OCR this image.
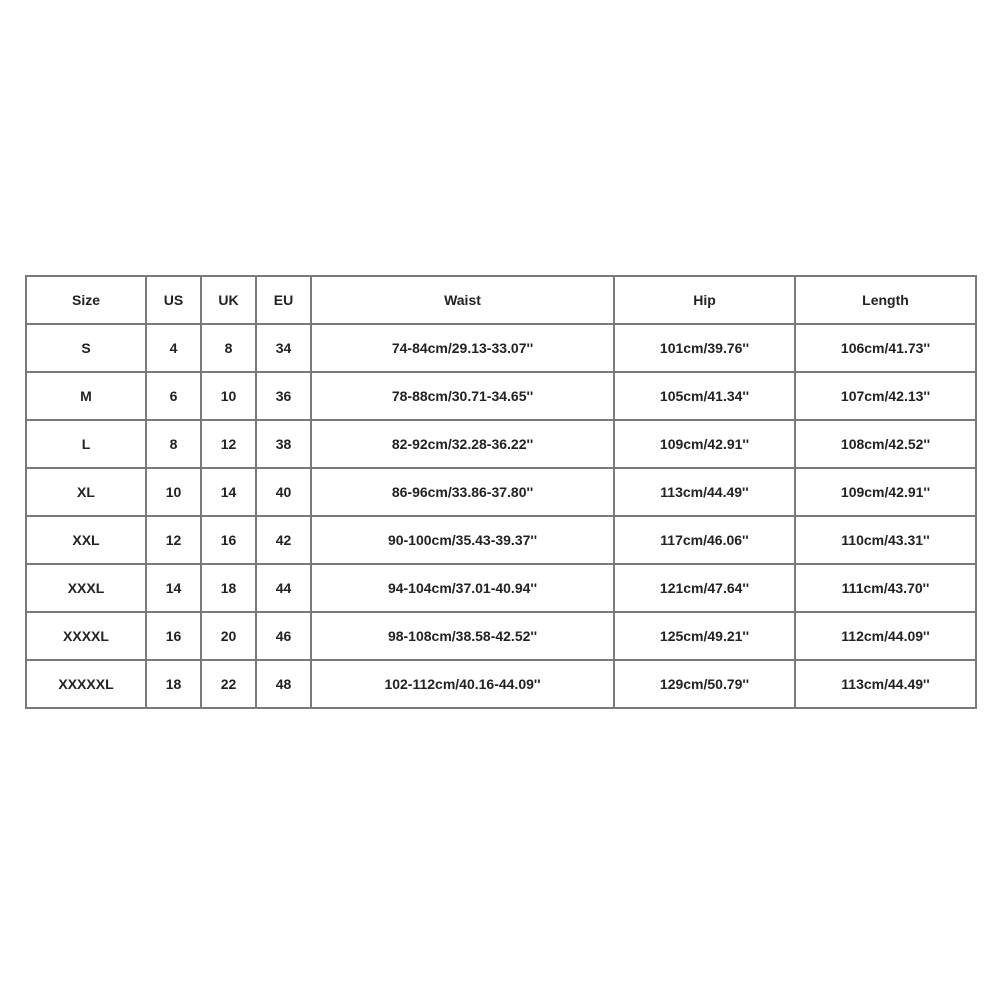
Size	US	UK	EU	Waist	Hip	Length
S	4	8	34	74-84cm/29.13-33.07''	101cm/39.76''	106cm/41.73''
M	6	10	36	78-88cm/30.71-34.65''	105cm/41.34''	107cm/42.13''
L	8	12	38	82-92cm/32.28-36.22''	109cm/42.91''	108cm/42.52''
XL	10	14	40	86-96cm/33.86-37.80''	113cm/44.49''	109cm/42.91''
XXL	12	16	42	90-100cm/35.43-39.37''	117cm/46.06''	110cm/43.31''
XXXL	14	18	44	94-104cm/37.01-40.94''	121cm/47.64''	111cm/43.70''
XXXXL	16	20	46	98-108cm/38.58-42.52''	125cm/49.21''	112cm/44.09''
XXXXXL	18	22	48	102-112cm/40.16-44.09''	129cm/50.79''	113cm/44.49''
